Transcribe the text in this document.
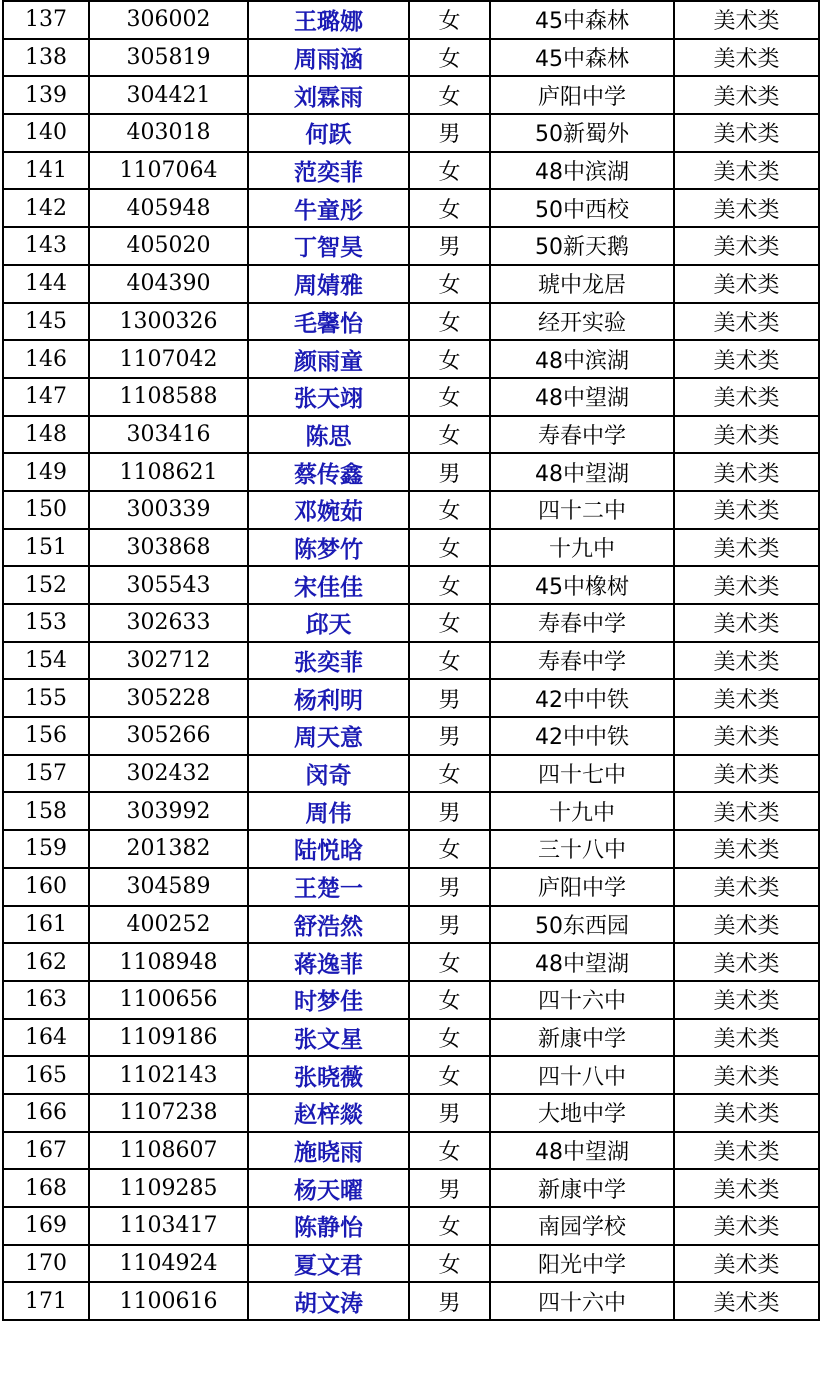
137	306002	王璐娜	女	45中森林	美术类
138	305819	周雨涵	女	45中森林	美术类
139	304421	刘霖雨	女	庐阳中学	美术类
140	403018	何跃	男	50新蜀外	美术类
141	1107064	范奕菲	女	48中滨湖	美术类
142	405948	牛童彤	女	50中西校	美术类
143	405020	丁智昊	男	50新天鹅	美术类
144	404390	周婧雅	女	琥中龙居	美术类
145	1300326	毛馨怡	女	经开实验	美术类
146	1107042	颜雨童	女	48中滨湖	美术类
147	1108588	张天翊	女	48中望湖	美术类
148	303416	陈思	女	寿春中学	美术类
149	1108621	蔡传鑫	男	48中望湖	美术类
150	300339	邓婉茹	女	四十二中	美术类
151	303868	陈梦竹	女	十九中	美术类
152	305543	宋佳佳	女	45中橡树	美术类
153	302633	邱天	女	寿春中学	美术类
154	302712	张奕菲	女	寿春中学	美术类
155	305228	杨利明	男	42中中铁	美术类
156	305266	周天意	男	42中中铁	美术类
157	302432	闵奇	女	四十七中	美术类
158	303992	周伟	男	十九中	美术类
159	201382	陆悦晗	女	三十八中	美术类
160	304589	王楚一	男	庐阳中学	美术类
161	400252	舒浩然	男	50东西园	美术类
162	1108948	蒋逸菲	女	48中望湖	美术类
163	1100656	时梦佳	女	四十六中	美术类
164	1109186	张文星	女	新康中学	美术类
165	1102143	张晓薇	女	四十八中	美术类
166	1107238	赵梓燚	男	大地中学	美术类
167	1108607	施晓雨	女	48中望湖	美术类
168	1109285	杨天曜	男	新康中学	美术类
169	1103417	陈静怡	女	南园学校	美术类
170	1104924	夏文君	女	阳光中学	美术类
171	1100616	胡文涛	男	四十六中	美术类
